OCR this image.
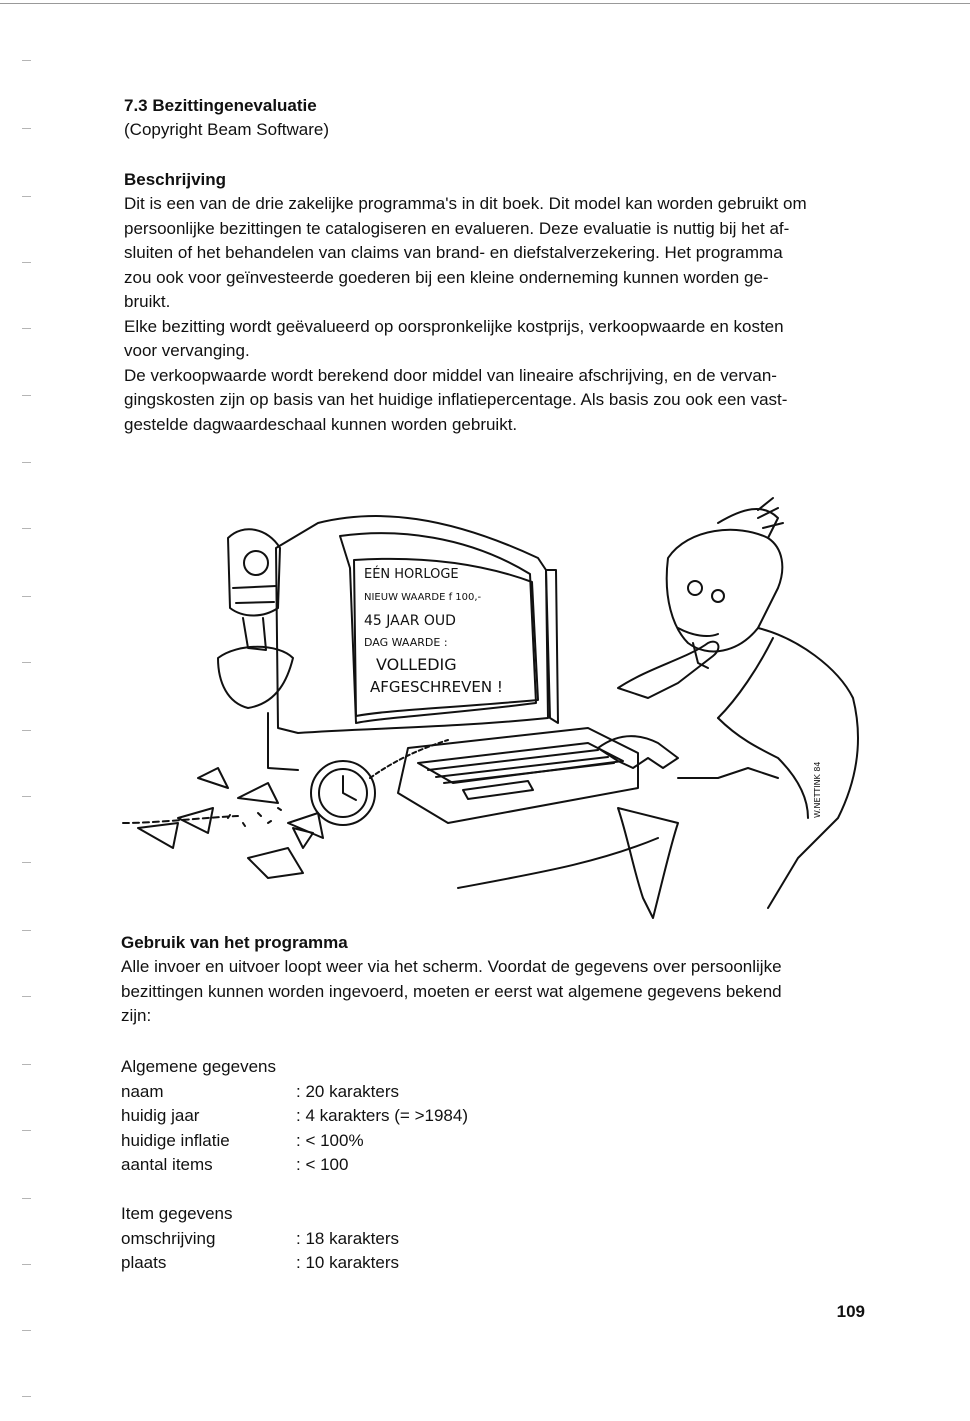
7.3 Bezittingenevaluatie

(Copyright Beam Software)

Beschrijving

Dit is een van de drie zakelijke programma's in dit boek. Dit model kan worden gebruikt om

persoonlijke bezittingen te catalogiseren en evalueren. Deze evaluatie is nuttig bij het af-

sluiten of het behandelen van claims van brand- en diefstalverzekering. Het programma

zou ook voor geïnvesteerde goederen bij een kleine onderneming kunnen worden ge-

bruikt.

Elke bezitting wordt geëvalueerd op oorspronkelijke kostprijs, verkoopwaarde en kosten

voor vervanging.

De verkoopwaarde wordt berekend door middel van lineaire afschrijving, en de vervan-

gingskosten zijn op basis van het huidige inflatiepercentage. Als basis zou ook een vast-

gestelde dagwaardeschaal kunnen worden gebruikt.

EÉN HORLOGE
NIEUW WAARDE f 100,-
45 JAAR OUD
DAG WAARDE :
VOLLEDIG
AFGESCHREVEN !
W.NETTINK 84

Gebruik van het programma

Alle invoer en uitvoer loopt weer via het scherm. Voordat de gegevens over persoonlijke

bezittingen kunnen worden ingevoerd, moeten er eerst wat algemene gegevens bekend

zijn:

Algemene gegevens
naam	: 20 karakters
huidig jaar	: 4 karakters (= >1984)
huidige inflatie	: < 100%
aantal items	: < 100
Item gegevens
omschrijving	: 18 karakters
plaats	: 10 karakters
109
